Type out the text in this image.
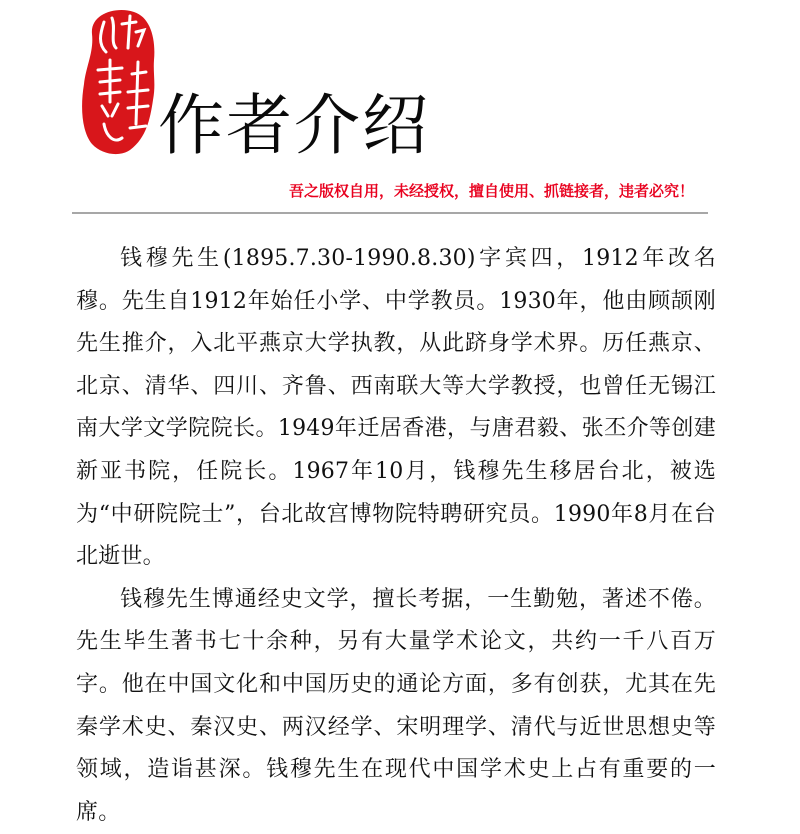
作者介绍
吾之版权自用，未经授权，擅自使用、抓链接者，违者必究！

钱穆先生(1895.7.30-1990.8.30)字宾四，1912年改名穆。先生自1912年始任小学、中学教员。1930年，他由顾颉刚先生推介，入北平燕京大学执教，从此跻身学术界。历任燕京、北京、清华、四川、齐鲁、西南联大等大学教授，也曾任无锡江南大学文学院院长。1949年迁居香港，与唐君毅、张丕介等创建新亚书院，任院长。1967年10月，钱穆先生移居台北，被选为“中研院院士”，台北故宫博物院特聘研究员。1990年8月在台北逝世。

钱穆先生博通经史文学，擅长考据，一生勤勉，著述不倦。先生毕生著书七十余种，另有大量学术论文，共约一千八百万字。他在中国文化和中国历史的通论方面，多有创获，尤其在先秦学术史、秦汉史、两汉经学、宋明理学、清代与近世思想史等领域，造诣甚深。钱穆先生在现代中国学术史上占有重要的一席。
